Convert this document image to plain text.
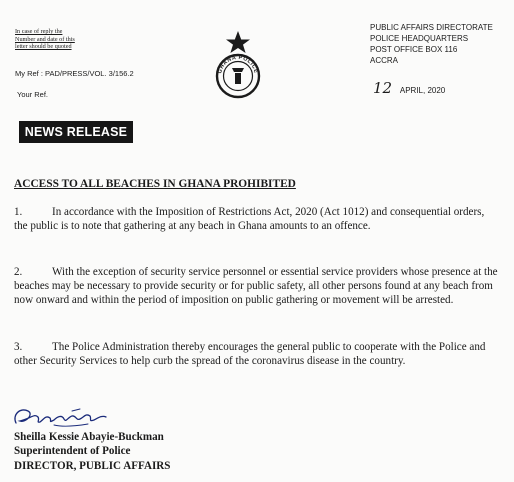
In case of reply the Number and date of this letter should be quoted
My Ref : PAD/PRESS/VOL. 3/156.2
Your Ref.
GHANA POLICE
PUBLIC AFFAIRS DIRECTORATE
POLICE HEADQUARTERS
POST OFFICE BOX 116
ACCRA
12 APRIL, 2020
NEWS RELEASE
ACCESS TO ALL BEACHES IN GHANA PROHIBITED
1.	In accordance with the Imposition of Restrictions Act, 2020 (Act 1012) and consequential orders, the public is to note that gathering at any beach in Ghana amounts to an offence.
2.	With the exception of security service personnel or essential service providers whose presence at the beaches may be necessary to provide security or for public safety, all other persons found at any beach from now onward and within the period of imposition on public gathering or movement will be arrested.
3.	The Police Administration thereby encourages the general public to cooperate with the Police and other Security Services to help curb the spread of the coronavirus disease in the country.
Sheilla Kessie Abayie-Buckman
Superintendent of Police
DIRECTOR, PUBLIC AFFAIRS
